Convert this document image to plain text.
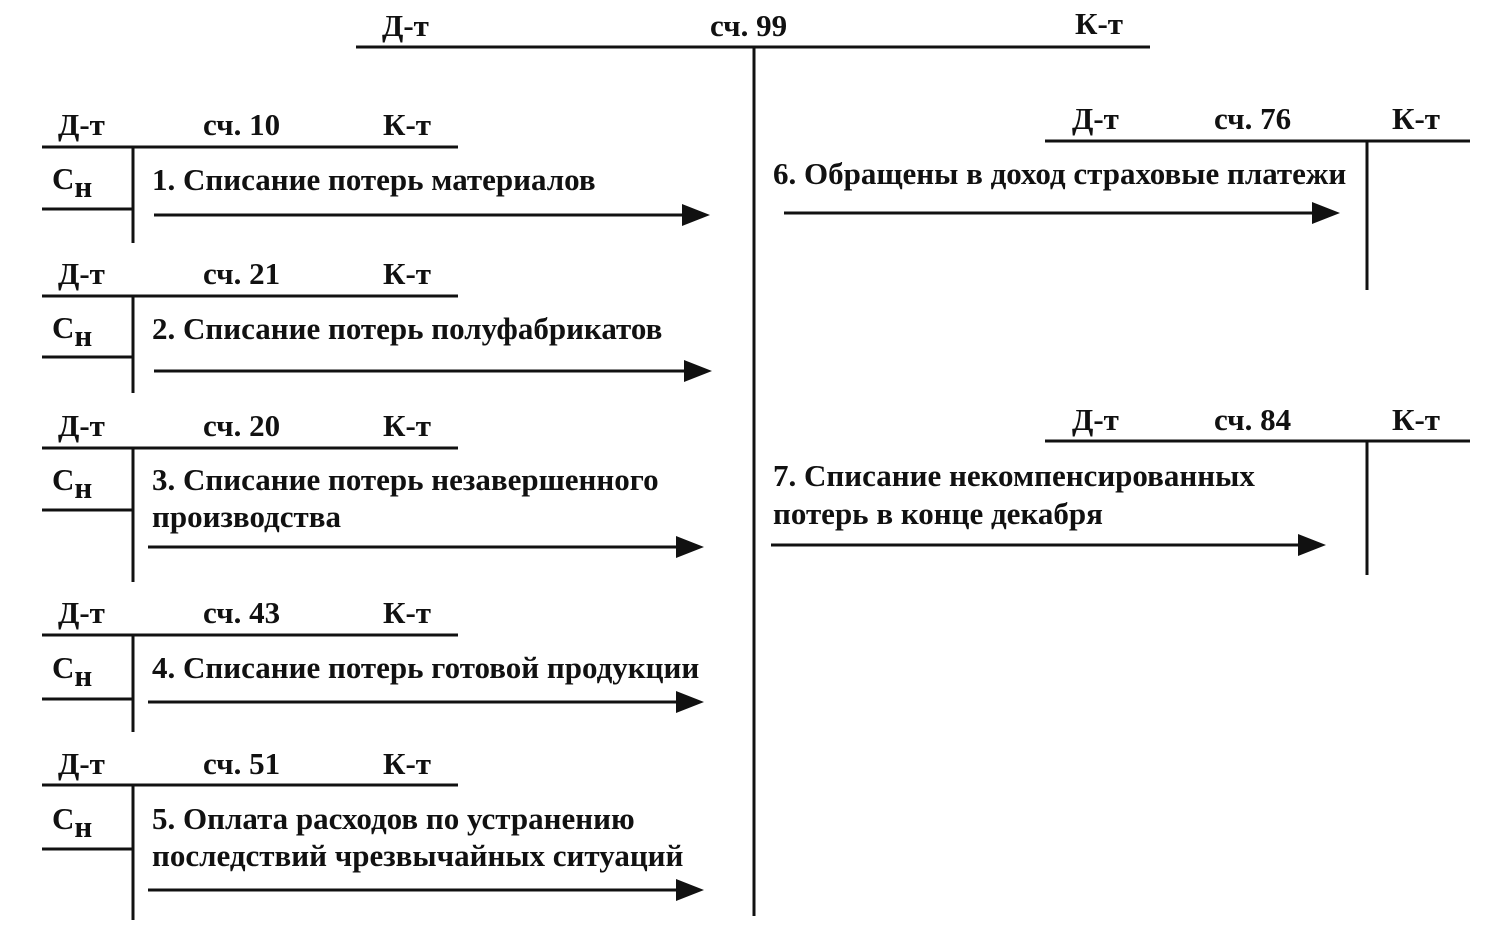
Д-т	сч. 99	К-т
Д-т	сч. 10	К-т
Сн 1. Списание потерь материалов
Д-т	сч. 21	К-т
Сн 2. Списание потерь полуфабрикатов
Д-т	сч. 20	К-т
Сн 3. Списание потерь незавершенного
производства
Д-т	сч. 43	К-т
Сн 4. Списание потерь готовой продукции
Д-т	сч. 51	К-т
Сн 5. Оплата расходов по устранению
последствий чрезвычайных ситуаций
Д-т	сч. 76	К-т
6. Обращены в доход страховые платежи
Д-т	сч. 84	К-т
7. Списание некомпенсированных
потерь в конце декабря
